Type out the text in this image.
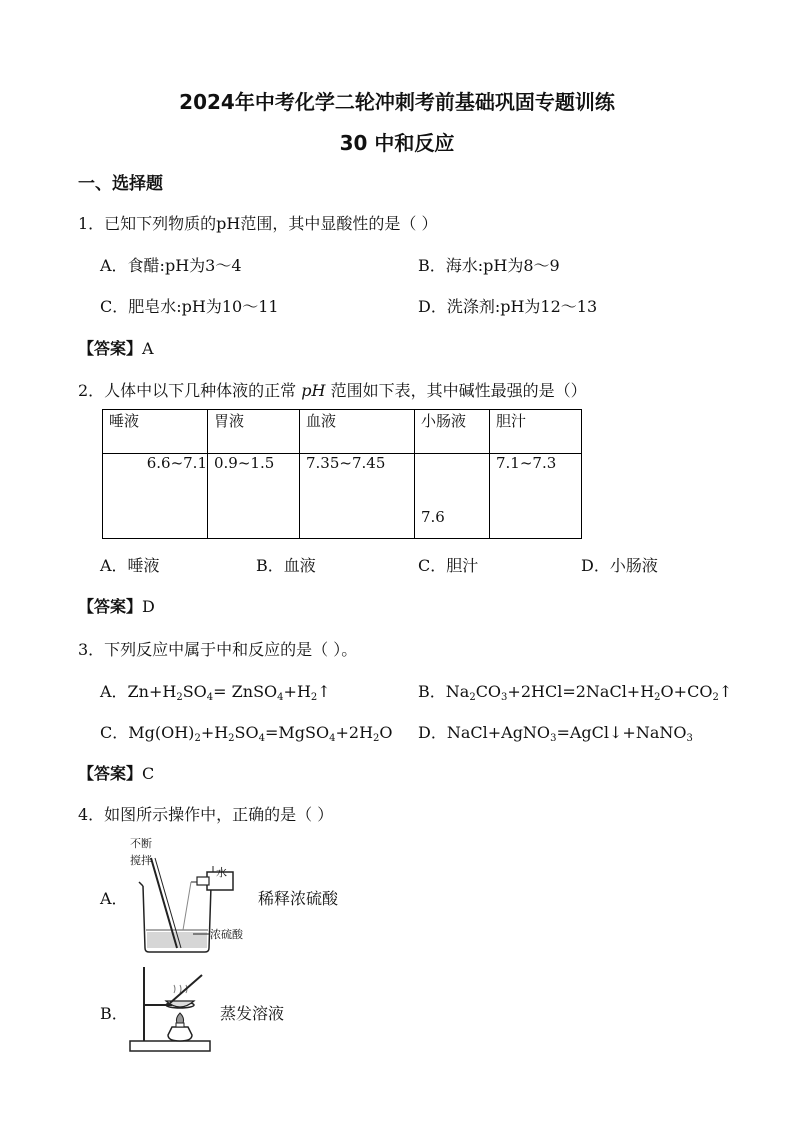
2024年中考化学二轮冲刺考前基础巩固专题训练
30 中和反应
一、选择题
1．已知下列物质的pH范围，其中显酸性的是（ ）
A．食醋:pH为3～4	B．海水:pH为8～9
C．肥皂水:pH为10～11	D．洗涤剂:pH为12～13
【答案】A
2．人体中以下几种体液的正常 pH 范围如下表，其中碱性最强的是（）
唾液	胃液	血液	小肠液	胆汁
6.6~7.1	0.9~1.5	7.35~7.45	7.6	7.1~7.3
A．唾液	B．血液	C．胆汁	D．小肠液
【答案】D
3．下列反应中属于中和反应的是（ ）。
A．$Zn+H_2SO_4=$ $ZnSO_4+H_2↑$	B．$Na_2CO_3+2HCl=2NaCl+H_2O+CO_2↑$
C．$Mg(OH)_2+H_2SO_4=MgSO_4+2H_2O$ D．NaCl+AgNO$_3$=AgCl↓+NaNO$_3$
【答案】C
4．如图所示操作中，正确的是（ ）
A．
不断
搅拌
水
浓硫酸
稀释浓硫酸
B．	蒸发溶液
